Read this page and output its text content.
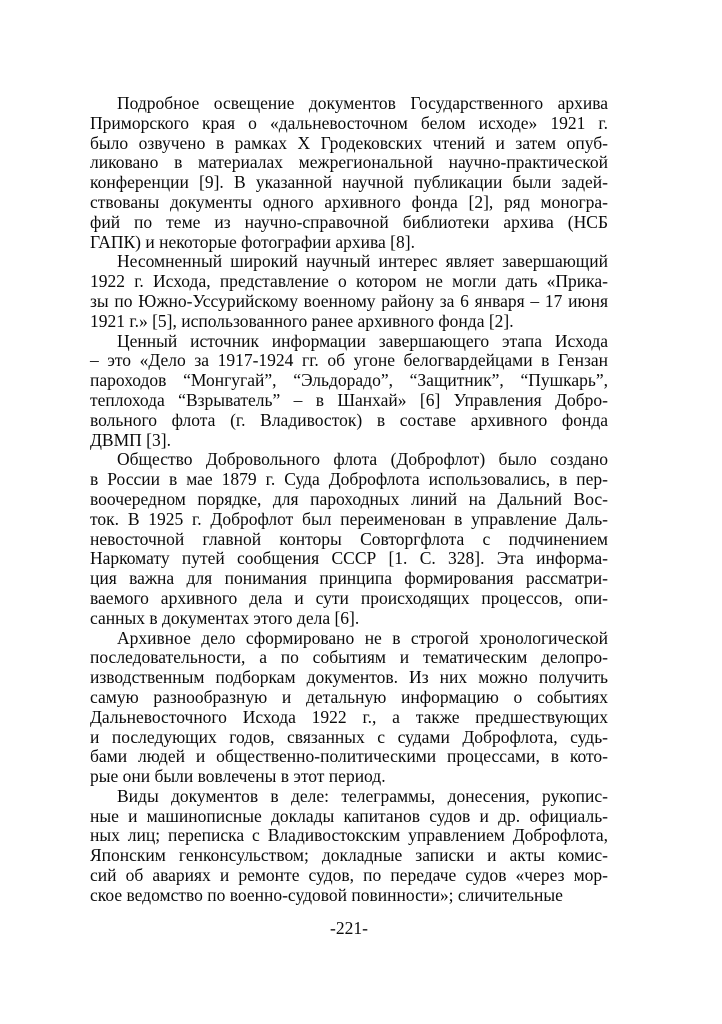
Подробное освещение документов Государственного архива
Приморского края о «дальневосточном белом исходе» 1921 г.
было озвучено в рамках X Гродековских чтений и затем опуб-
ликовано в материалах межрегиональной научно-практической
конференции [9]. В указанной научной публикации были задей-
ствованы документы одного архивного фонда [2], ряд моногра-
фий по теме из научно-справочной библиотеки архива (НСБ
ГАПК) и некоторые фотографии архива [8].

Несомненный широкий научный интерес являет завершающий
1922 г. Исхода, представление о котором не могли дать «Прика-
зы по Южно-Уссурийскому военному району за 6 января – 17 июня
1921 г.» [5], использованного ранее архивного фонда [2].

Ценный источник информации завершающего этапа Исхода
– это «Дело за 1917-1924 гг. об угоне белогвардейцами в Гензан
пароходов “Монгугай”, “Эльдорадо”, “Защитник”, “Пушкарь”,
теплохода “Взрыватель” – в Шанхай» [6] Управления Добро-
вольного флота (г. Владивосток) в составе архивного фонда
ДВМП [3].

Общество Добровольного флота (Доброфлот) было создано
в России в мае 1879 г. Суда Доброфлота использовались, в пер-
воочередном порядке, для пароходных линий на Дальний Вос-
ток. В 1925 г. Доброфлот был переименован в управление Даль-
невосточной главной конторы Совторгфлота с подчинением
Наркомату путей сообщения СССР [1. С. 328]. Эта информа-
ция важна для понимания принципа формирования рассматри-
ваемого архивного дела и сути происходящих процессов, опи-
санных в документах этого дела [6].

Архивное дело сформировано не в строгой хронологической
последовательности, а по событиям и тематическим делопро-
изводственным подборкам документов. Из них можно получить
самую разнообразную и детальную информацию о событиях
Дальневосточного Исхода 1922 г., а также предшествующих
и последующих годов, связанных с судами Доброфлота, судь-
бами людей и общественно-политическими процессами, в кото-
рые они были вовлечены в этот период.

Виды документов в деле: телеграммы, донесения, рукопис-
ные и машинописные доклады капитанов судов и др. официаль-
ных лиц; переписка с Владивостокским управлением Доброфлота,
Японским генконсульством; докладные записки и акты комис-
сий об авариях и ремонте судов, по передаче судов «через мор-
ское ведомство по военно-судовой повинности»; сличительные

-221-
